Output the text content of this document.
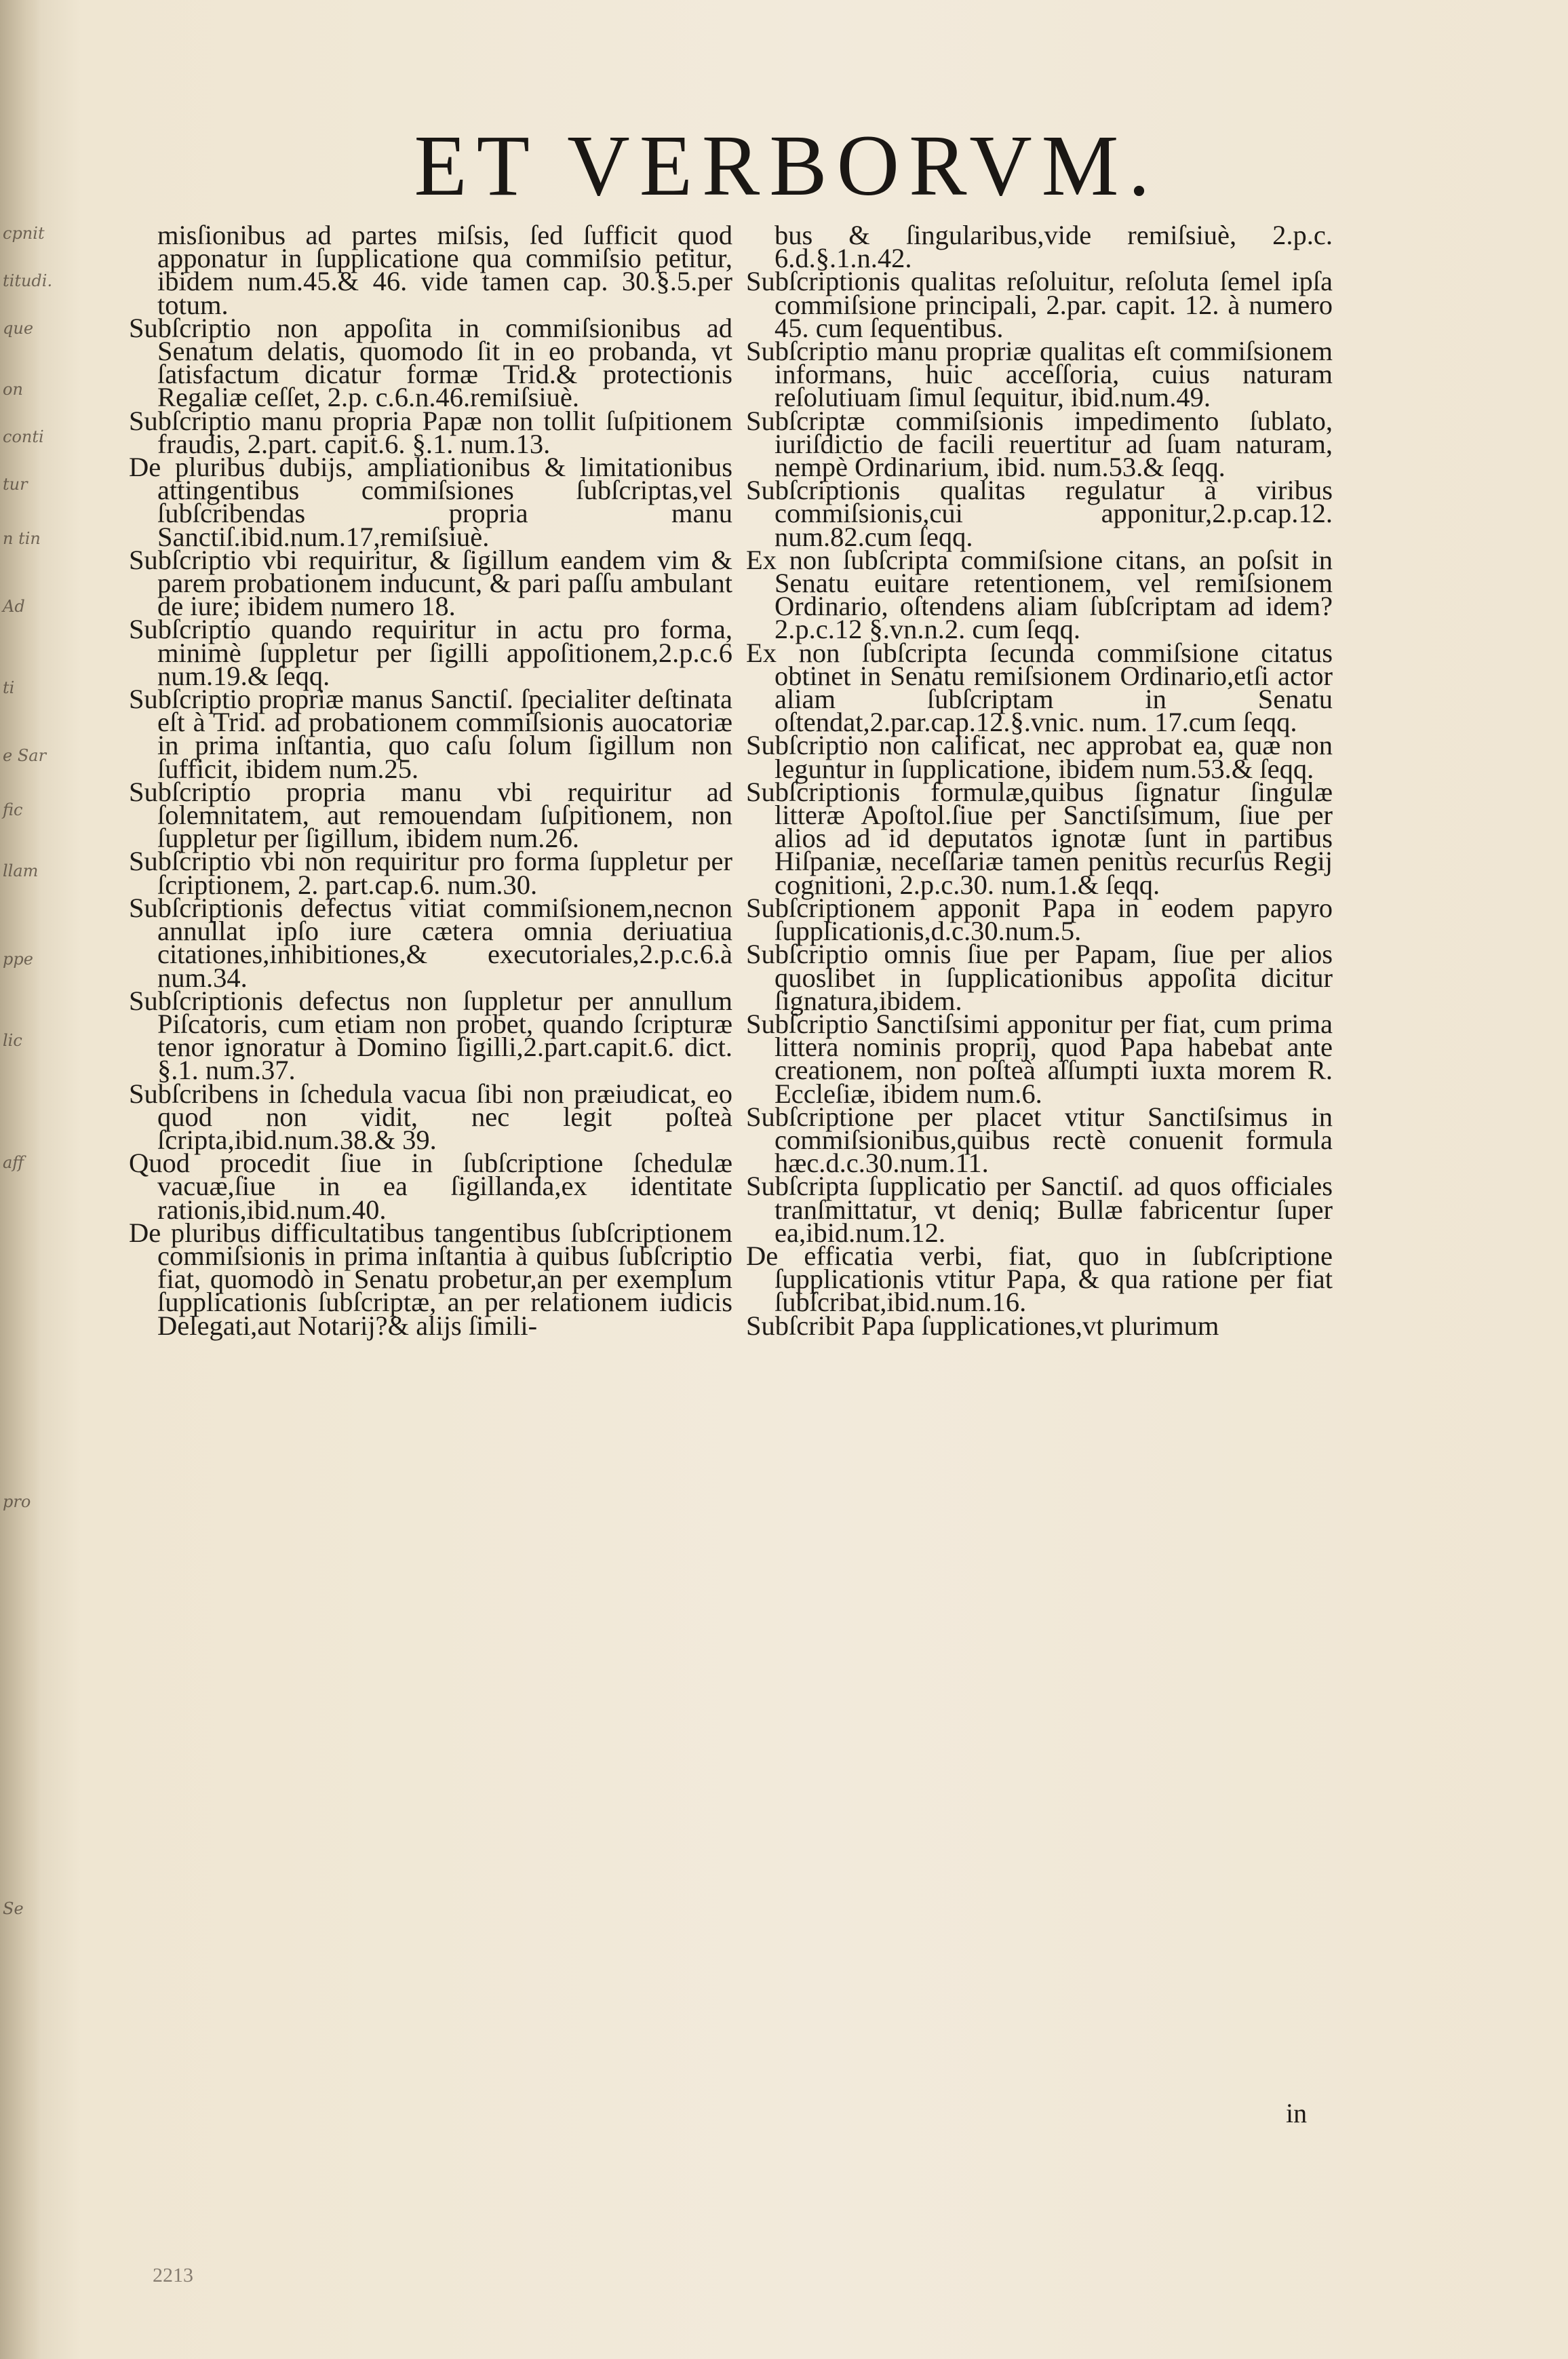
cpnit
titudi.
que
on
conti
tur
n tin
Ad
ti
e Sar
fic
llam
ppe
lic
aff
pro
Se
ET VERBORVM.

misſionibus ad partes miſsis, ſed ſufficit quod apponatur in ſupplicatione qua commiſsio petitur, ibidem num.45.& 46. vide tamen cap. 30.§.5.per totum.

Subſcriptio non appoſita in commiſsionibus ad Senatum delatis, quomodo ſit in eo probanda, vt ſatisfactum dicatur formæ Trid.& protectionis Regaliæ ceſſet, 2.p. c.6.n.46.remiſsiuè.

Subſcriptio manu propria Papæ non tollit ſuſpitionem fraudis, 2.part. capit.6. §.1. num.13.

De pluribus dubijs, ampliationibus & limitationibus attingentibus commiſsiones ſubſcriptas,vel ſubſcribendas propria manu Sanctiſ.ibid.num.17,remiſsiuè.

Subſcriptio vbi requiritur, & ſigillum eandem vim & parem probationem inducunt, & pari paſſu ambulant de iure; ibidem numero 18.

Subſcriptio quando requiritur in actu pro forma, minimè ſuppletur per ſigilli appoſitionem,2.p.c.6 num.19.& ſeqq.

Subſcriptio propriæ manus Sanctiſ. ſpecialiter deſtinata eſt à Trid. ad probationem commiſsionis auocatoriæ in prima inſtantia, quo caſu ſolum ſigillum non ſufficit, ibidem num.25.

Subſcriptio propria manu vbi requiritur ad ſolemnitatem, aut remouendam ſuſpitionem, non ſuppletur per ſigillum, ibidem num.26.

Subſcriptio vbi non requiritur pro forma ſuppletur per ſcriptionem, 2. part.cap.6. num.30.

Subſcriptionis defectus vitiat commiſsionem,necnon annullat ipſo iure cætera omnia deriuatiua citationes,inhibitiones,& executoriales,2.p.c.6.à num.34.

Subſcriptionis defectus non ſuppletur per annullum Piſcatoris, cum etiam non probet, quando ſcripturæ tenor ignoratur à Domino ſigilli,2.part.capit.6. dict. §.1. num.37.

Subſcribens in ſchedula vacua ſibi non præiudicat, eo quod non vidit, nec legit poſteà ſcripta,ibid.num.38.& 39.

Quod procedit ſiue in ſubſcriptione ſchedulæ vacuæ,ſiue in ea ſigillanda,ex identitate rationis,ibid.num.40.

De pluribus difficultatibus tangentibus ſubſcriptionem commiſsionis in prima inſtantia à quibus ſubſcriptio fiat, quomodò in Senatu probetur,an per exemplum ſupplicationis ſubſcriptæ, an per relationem iudicis Delegati,aut Notarij?& alijs ſimili-

bus & ſingularibus,vide remiſsiuè, 2.p.c. 6.d.§.1.n.42.

Subſcriptionis qualitas reſoluitur, reſoluta ſemel ipſa commiſsione principali, 2.par. capit. 12. à numero 45. cum ſequentibus.

Subſcriptio manu propriæ qualitas eſt commiſsionem informans, huic acceſſoria, cuius naturam reſolutiuam ſimul ſequitur, ibid.num.49.

Subſcriptæ commiſsionis impedimento ſublato, iuriſdictio de facili reuertitur ad ſuam naturam, nempè Ordinarium, ibid. num.53.& ſeqq.

Subſcriptionis qualitas regulatur à viribus commiſsionis,cui apponitur,2.p.cap.12. num.82.cum ſeqq.

Ex non ſubſcripta commiſsione citans, an poſsit in Senatu euitare retentionem, vel remiſsionem Ordinario, oſtendens aliam ſubſcriptam ad idem? 2.p.c.12 §.vn.n.2. cum ſeqq.

Ex non ſubſcripta ſecunda commiſsione citatus obtinet in Senatu remiſsionem Ordinario,etſi actor aliam ſubſcriptam in Senatu oſtendat,2.par.cap.12.§.vnic. num. 17.cum ſeqq.

Subſcriptio non calificat, nec approbat ea, quæ non leguntur in ſupplicatione, ibidem num.53.& ſeqq.

Subſcriptionis formulæ,quibus ſignatur ſingulæ litteræ Apoſtol.ſiue per Sanctiſsimum, ſiue per alios ad id deputatos ignotæ ſunt in partibus Hiſpaniæ, neceſſariæ tamen penitùs recurſus Regij cognitioni, 2.p.c.30. num.1.& ſeqq.

Subſcriptionem apponit Papa in eodem papyro ſupplicationis,d.c.30.num.5.

Subſcriptio omnis ſiue per Papam, ſiue per alios quoslibet in ſupplicationibus appoſita dicitur ſignatura,ibidem.

Subſcriptio Sanctiſsimi apponitur per fiat, cum prima littera nominis proprij, quod Papa habebat ante creationem, non poſteà aſſumpti iuxta morem R. Eccleſiæ, ibidem num.6.

Subſcriptione per placet vtitur Sanctiſsimus in commiſsionibus,quibus rectè conuenit formula hæc.d.c.30.num.11.

Subſcripta ſupplicatio per Sanctiſ. ad quos officiales tranſmittatur, vt deniq; Bullæ fabricentur ſuper ea,ibid.num.12.

De efficatia verbi, fiat, quo in ſubſcriptione ſupplicationis vtitur Papa, & qua ratione per fiat ſubſcribat,ibid.num.16.

Subſcribit Papa ſupplicationes,vt plurimum

in
2213
